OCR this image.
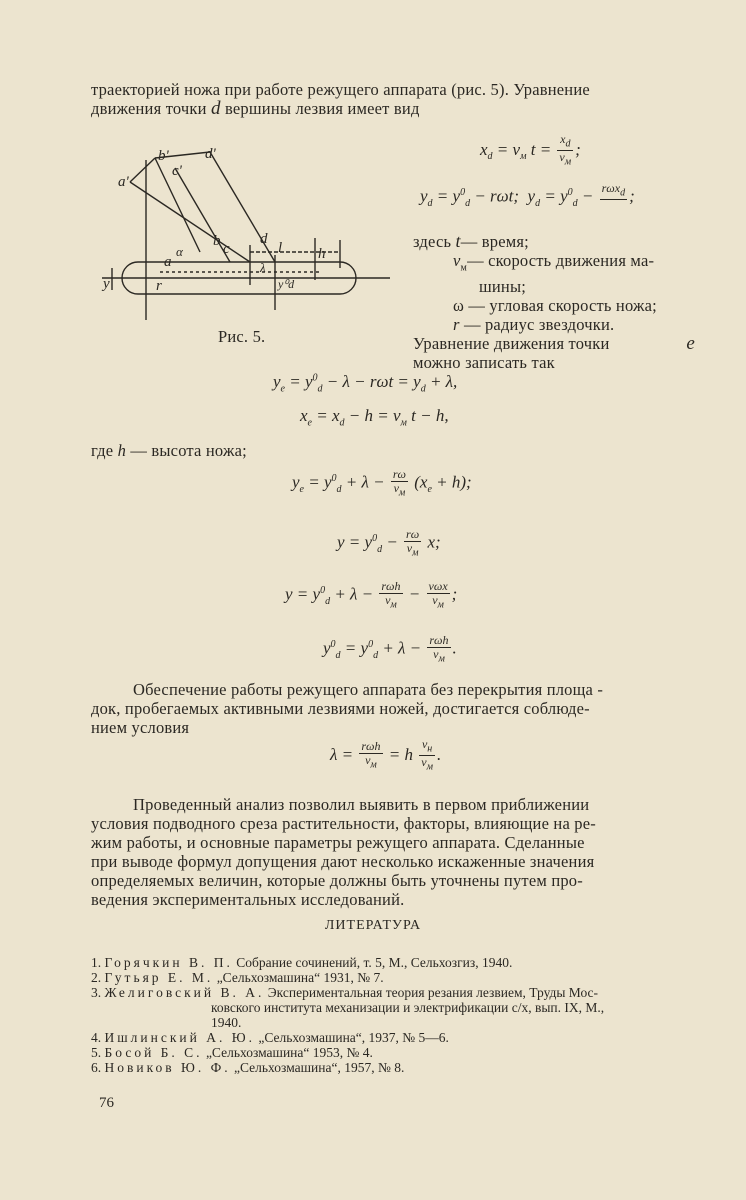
траекторией ножа при работе режущего аппарата (рис. 5). Уравнение
движения точки d вершины лезвия имеет вид
a'
b'
c'
d'
b c
d
l h
a
α
λ
r
y	y⁰d
Рис. 5.
$x_d = v_м$ $t = \frac{x_d}{v_м}$ ;
$y_d = y^0_d - r\omega t$;  $y_d = y^0_d - r\omega x_d$
;
здесь t— время;
$v_м—$ скорость движения ма-
шины;
ω — угловая скорость ножа;
r — радиус звездочки.
Уравнение движения точки	e
можно записать так
$y_e = y^0_d - \lambda - r\omega t = y_d + \lambda$,
$x_e = x_d - h = v_м$ t − h,
где h — высота ножа;
$y_e = y^0_d + \lambda - \frac{r\omega}{v_м} (x_e + h)$;
$y = y^0_d - \frac{r\omega}{v_м} x$;
$y = y^0_d + \lambda - \frac{\text{rωh}}{v_м} - \frac{\text{vωx}}{v_м}$ ;
$y^0_d = y^0_d + \lambda - \frac{\text{rωh}}{v_м}$ .
Обеспечение работы режущего аппарата без перекрытия площа -
док, пробегаемых активными лезвиями ножей, достигается соблюде-
нием условия
$\lambda = \frac{\text{rωh}}{v_м} = h \frac{v_н}{v_м}$ .
Проведенный анализ позволил выявить в первом приближении
условия подводного среза растительности, факторы, влияющие на ре-
жим работы, и основные параметры режущего аппарата. Сделанные
при выводе формул допущения дают несколько искаженные значения
определяемых величин, которые должны быть уточнены путем про-
ведения экспериментальных исследований.
ЛИТЕРАТУРА
1. Горячкин В. П. Собрание сочинений, т. 5, М., Сельхозгиз, 1940.
2. Гутьяр Е. М. „Сельхозмашина“ 1931, № 7.
3. Желиговский В. А. Экспериментальная теория резания лезвием, Труды Мос-
ковского института механизации и электрификации с/х, вып. IX, М.,
1940.
4. Ишлинский А. Ю. „Сельхозмашина“, 1937, № 5—6.
5. Босой Б. С. „Сельхозмашина“ 1953, № 4.
6. Новиков Ю. Ф. „Сельхозмашина“, 1957, № 8.
76
